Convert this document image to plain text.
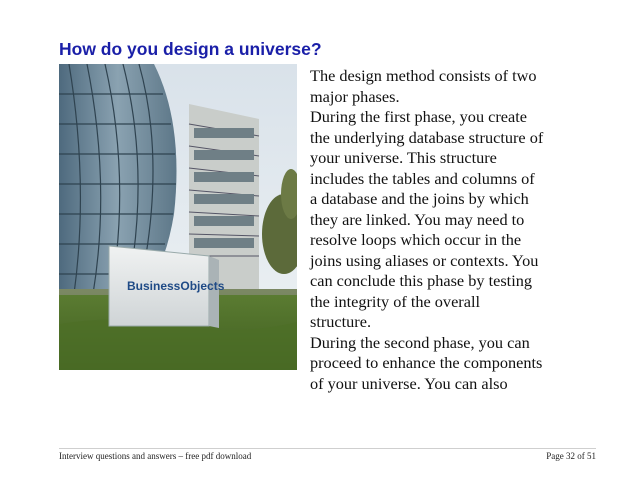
How do you design a universe?
BusinessObjects
The design method consists of two
major phases.
During the first phase, you create
the underlying database structure of
your universe. This structure
includes the tables and columns of
a database and the joins by which
they are linked. You may need to
resolve loops which occur in the
joins using aliases or contexts. You
can conclude this phase by testing
the integrity of the overall
structure.
During the second phase, you can
proceed to enhance the components
of your universe. You can also
Interview questions and answers – free pdf download	Page 32 of 51
